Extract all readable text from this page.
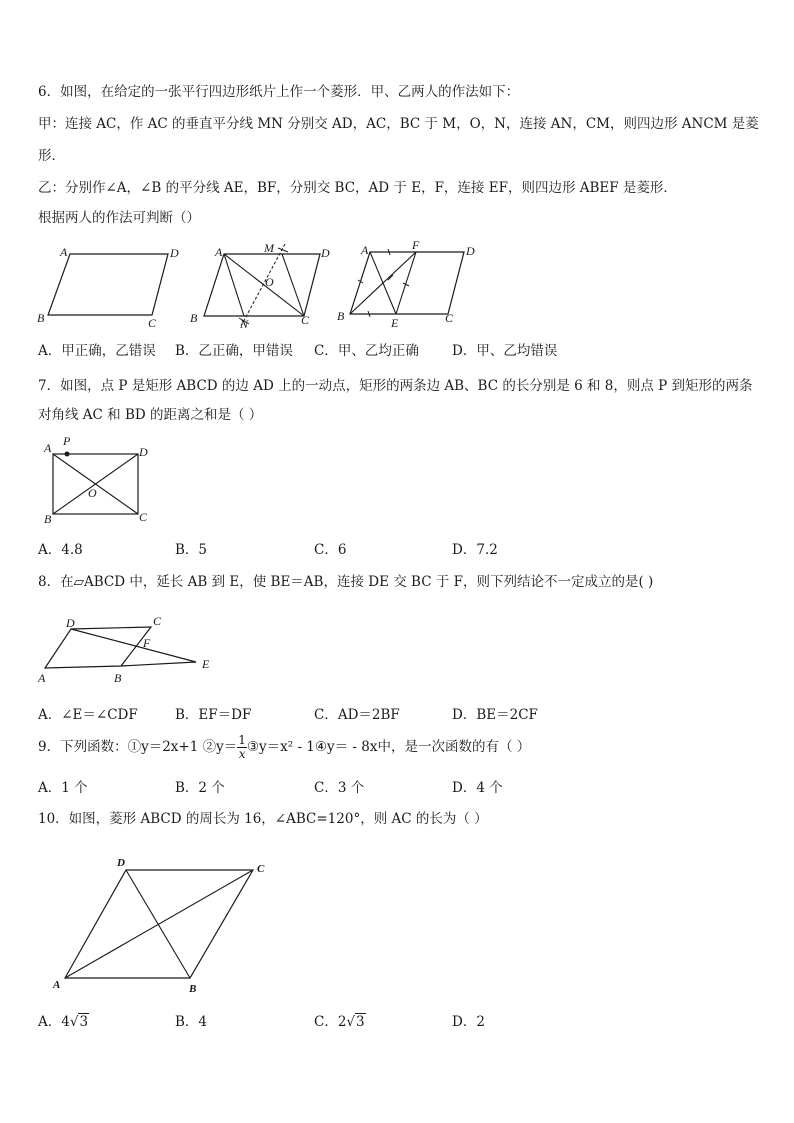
6．如图，在给定的一张平行四边形纸片上作一个菱形．甲、乙两人的作法如下：
甲：连接 AC，作 AC 的垂直平分线 MN 分别交 AD，AC，BC 于 M，O，N，连接 AN，CM，则四边形 ANCM 是菱
形．
乙：分别作∠A，∠B 的平分线 AE，BF，分别交 BC，AD 于 E，F，连接 EF，则四边形 ABEF 是菱形．
根据两人的作法可判断（）
A	D
B	C
A	M	D
O
B	N	C
A	F	D
B	E	C
A．甲正确，乙错误 B．乙正确，甲错误 C．甲、乙均正确 D．甲、乙均错误
7．如图，点 P 是矩形 ABCD 的边 AD 上的一动点，矩形的两条边 AB、BC 的长分别是 6 和 8，则点 P 到矩形的两条
对角线 AC 和 BD 的距离之和是（ ）
P
A	D
O
B	C
A．4.8	B．5	C．6	D．7.2
8．在▱ABCD 中，延长 AB 到 E，使 BE＝AB，连接 DE 交 BC 于 F，则下列结论不一定成立的是( )
D	C
F
E
A	B
A．∠E＝∠CDF	B．EF＝DF	C．AD＝2BF	D．BE＝2CF
9．下列函数：①y＝2x+1 ②y＝ $\frac{1}{x}$ ③y＝x² - 1④y＝ - 8x中，是一次函数的有（ ）
A．1 个	B．2 个	C．3 个	D．4 个
10．如图，菱形 ABCD 的周长为 16，∠ABC=120°，则 AC 的长为（ ）
D	C
A	B
A．4√3	B．4	C．2√3	D．2
